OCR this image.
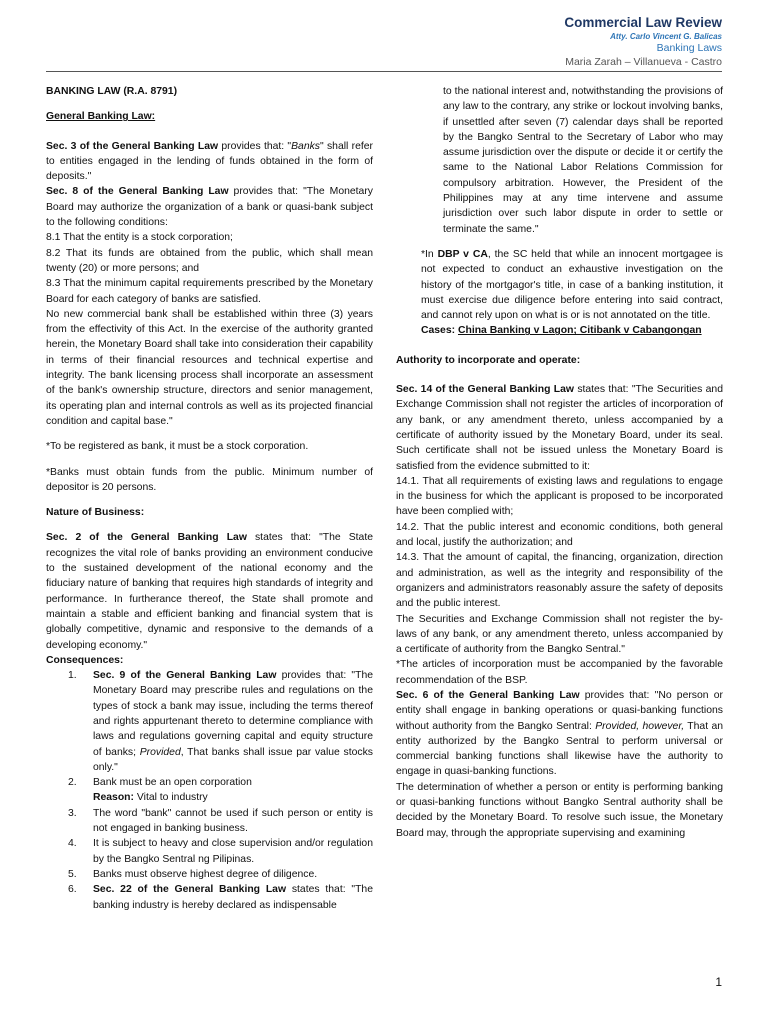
Commercial Law Review
Atty. Carlo Vincent G. Balicas
Banking Laws
Maria Zarah – Villanueva - Castro

BANKING LAW (R.A. 8791)

General Banking Law:

Sec. 3 of the General Banking Law provides that: "Banks" shall refer to entities engaged in the lending of funds obtained in the form of deposits."

Sec. 8 of the General Banking Law provides that: "The Monetary Board may authorize the organization of a bank or quasi-bank subject to the following conditions:

8.1 That the entity is a stock corporation;

8.2 That its funds are obtained from the public, which shall mean twenty (20) or more persons; and

8.3 That the minimum capital requirements prescribed by the Monetary Board for each category of banks are satisfied.

No new commercial bank shall be established within three (3) years from the effectivity of this Act. In the exercise of the authority granted herein, the Monetary Board shall take into consideration their capability in terms of their financial resources and technical expertise and integrity. The bank licensing process shall incorporate an assessment of the bank's ownership structure, directors and senior management, its operating plan and internal controls as well as its projected financial condition and capital base."

*To be registered as bank, it must be a stock corporation.

*Banks must obtain funds from the public. Minimum number of depositor is 20 persons.

Nature of Business:

Sec. 2 of the General Banking Law states that: "The State recognizes the vital role of banks providing an environment conducive to the sustained development of the national economy and the fiduciary nature of banking that requires high standards of integrity and performance. In furtherance thereof, the State shall promote and maintain a stable and efficient banking and financial system that is globally competitive, dynamic and responsive to the demands of a developing economy."

Consequences:

1. Sec. 9 of the General Banking Law provides that: "The Monetary Board may prescribe rules and regulations on the types of stock a bank may issue, including the terms thereof and rights appurtenant thereto to determine compliance with laws and regulations governing capital and equity structure of banks; Provided, That banks shall issue par value stocks only."
2. Bank must be an open corporation
Reason: Vital to industry
3. The word "bank" cannot be used if such person or entity is not engaged in banking business.
4. It is subject to heavy and close supervision and/or regulation by the Bangko Sentral ng Pilipinas.
5. Banks must observe highest degree of diligence.
6. Sec. 22 of the General Banking Law states that: "The banking industry is hereby declared as indispensable

to the national interest and, notwithstanding the provisions of any law to the contrary, any strike or lockout involving banks, if unsettled after seven (7) calendar days shall be reported by the Bangko Sentral to the Secretary of Labor who may assume jurisdiction over the dispute or decide it or certify the same to the National Labor Relations Commission for compulsory arbitration. However, the President of the Philippines may at any time intervene and assume jurisdiction over such labor dispute in order to settle or terminate the same."

*In DBP v CA, the SC held that while an innocent mortgagee is not expected to conduct an exhaustive investigation on the history of the mortgagor's title, in case of a banking institution, it must exercise due diligence before entering into said contract, and cannot rely upon on what is or is not annotated on the title.

Cases: China Banking v Lagon; Citibank v Cabangongan

Authority to incorporate and operate:

Sec. 14 of the General Banking Law states that: "The Securities and Exchange Commission shall not register the articles of incorporation of any bank, or any amendment thereto, unless accompanied by a certificate of authority issued by the Monetary Board, under its seal. Such certificate shall not be issued unless the Monetary Board is satisfied from the evidence submitted to it:

14.1. That all requirements of existing laws and regulations to engage in the business for which the applicant is proposed to be incorporated have been complied with;

14.2. That the public interest and economic conditions, both general and local, justify the authorization; and

14.3. That the amount of capital, the financing, organization, direction and administration, as well as the integrity and responsibility of the organizers and administrators reasonably assure the safety of deposits and the public interest.

The Securities and Exchange Commission shall not register the by-laws of any bank, or any amendment thereto, unless accompanied by a certificate of authority from the Bangko Sentral."

*The articles of incorporation must be accompanied by the favorable recommendation of the BSP.

Sec. 6 of the General Banking Law provides that: "No person or entity shall engage in banking operations or quasi-banking functions without authority from the Bangko Sentral: Provided, however, That an entity authorized by the Bangko Sentral to perform universal or commercial banking functions shall likewise have the authority to engage in quasi-banking functions.

The determination of whether a person or entity is performing banking or quasi-banking functions without Bangko Sentral authority shall be decided by the Monetary Board. To resolve such issue, the Monetary Board may, through the appropriate supervising and examining

1
